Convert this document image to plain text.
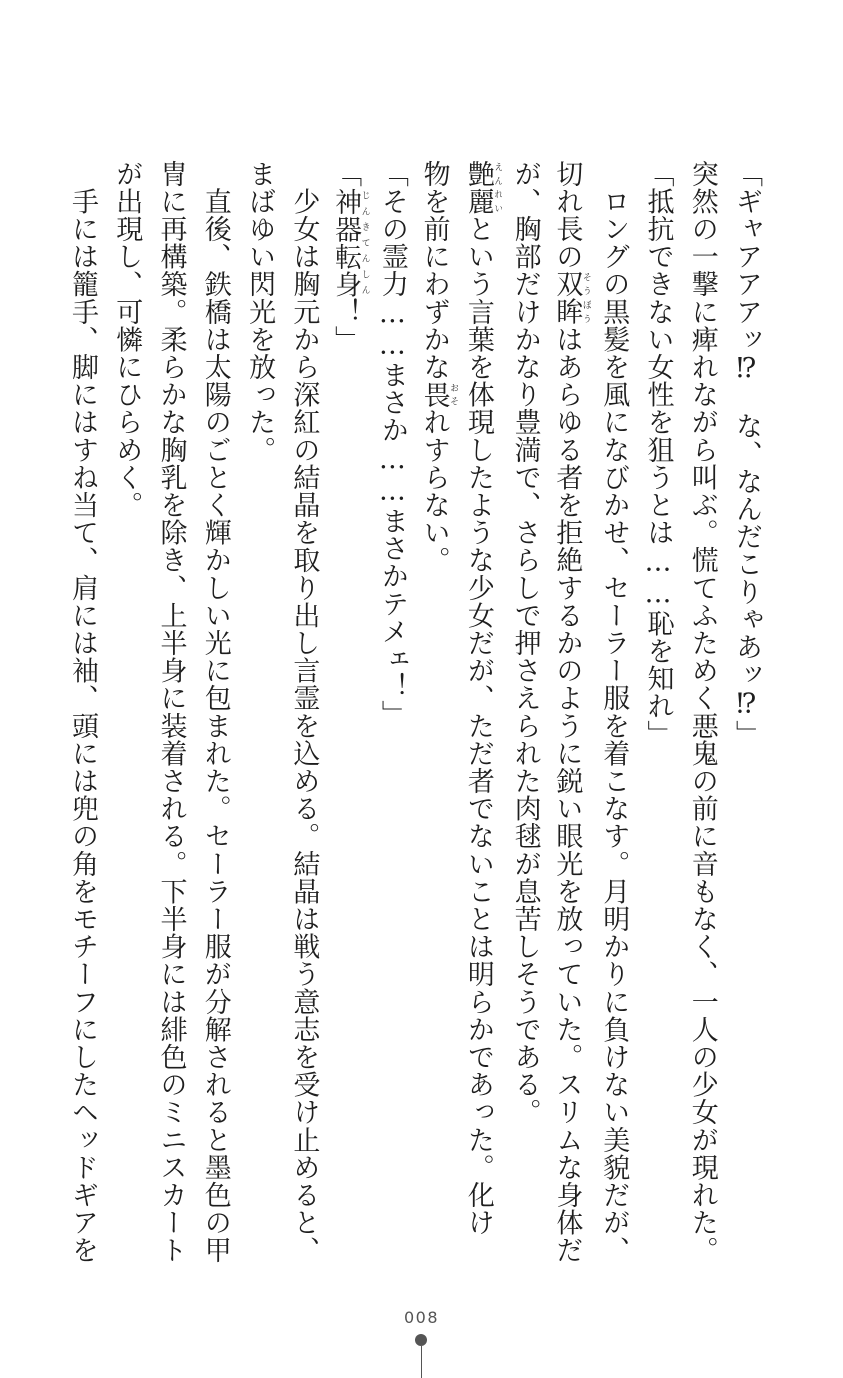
「ギャアアアッ⁉　な、なんだこりゃあッ⁉」
突然の一撃に痺れながら叫ぶ。慌てふためく悪鬼の前に音もなく、一人の少女が現れた。
「抵抗できない女性を狙うとは……恥を知れ」
　ロングの黒髪を風になびかせ、セーラー服を着こなす。月明かりに負けない美貌だが、
切れ長の双眸そうぼうはあらゆる者を拒絶するかのように鋭い眼光を放っていた。スリムな身体だ
が、胸部だけかなり豊満で、さらしで押さえられた肉毬が息苦しそうである。
艶麗えんれいという言葉を体現したような少女だが、ただ者でないことは明らかであった。化け
物を前にわずかな畏おそれすらない。
「その霊力……まさか……まさかテメェ！」
「神器転身じんきてんしん！」
　少女は胸元から深紅の結晶を取り出し言霊を込める。結晶は戦う意志を受け止めると、
まばゆい閃光を放った。
　直後、鉄橋は太陽のごとく輝かしい光に包まれた。セーラー服が分解されると墨色の甲
冑に再構築。柔らかな胸乳を除き、上半身に装着される。下半身には緋色のミニスカート
が出現し、可憐にひらめく。
　手には籠手、脚にはすね当て、肩には袖、頭には兜の角をモチーフにしたヘッドギアを
008
